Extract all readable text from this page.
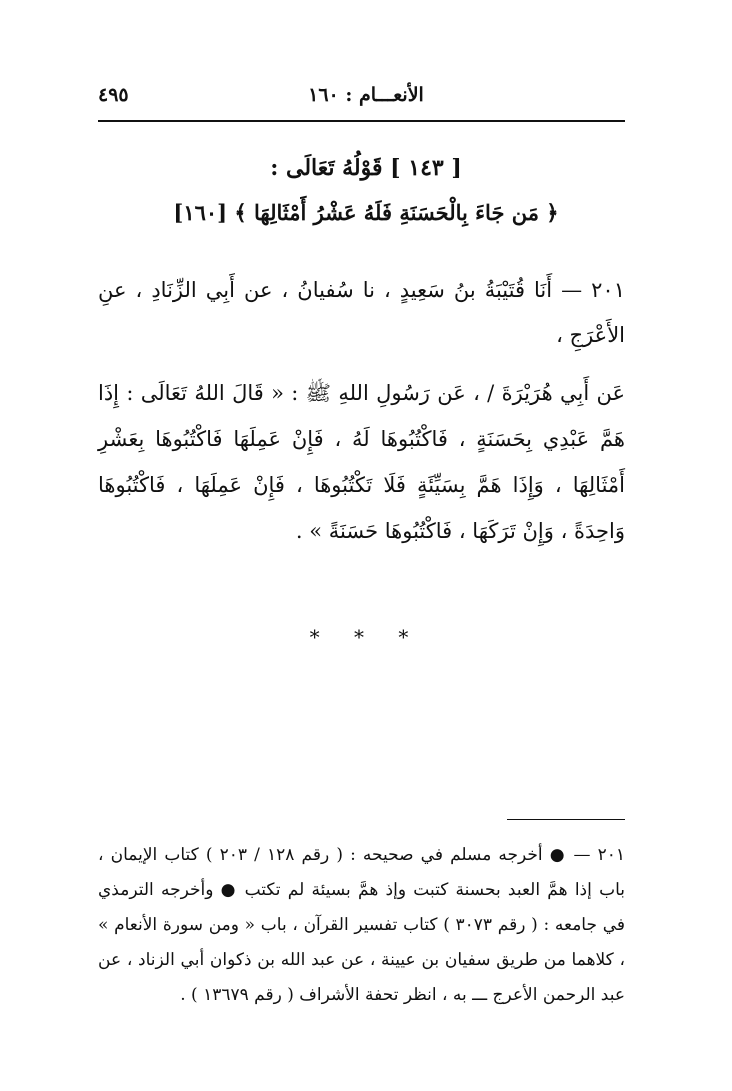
الأنعـــام : ١٦٠
٤٩٥
[ ١٤٣ ] قَوْلُهُ تَعَالَى :
﴿ مَن جَاءَ بِالْحَسَنَةِ فَلَهُ عَشْرُ أَمْثَالِهَا ﴾ [١٦٠]
٢٠١ — أَنَا قُتَيْبَةُ بنُ سَعِيدٍ ، نا سُفيانُ ، عن أَبِي الزِّنَادِ ، عنِ الأَعْرَجِ ،
عَن أَبِي هُرَيْرَةَ / ، عَن رَسُولِ اللهِ ﷺ : « قَالَ اللهُ تَعَالَى : إِذَا هَمَّ عَبْدِي بِحَسَنَةٍ ، فَاكْتُبُوهَا لَهُ ، فَإِنْ عَمِلَهَا فَاكْتُبُوهَا بِعَشْرِ أَمْثَالِهَا ، وَإِذَا هَمَّ بِسَيِّئَةٍ فَلَا تَكْتُبُوهَا ، فَإِنْ عَمِلَهَا ، فَاكْتُبُوهَا وَاحِدَةً ، وَإِنْ تَرَكَهَا ، فَاكْتُبُوهَا حَسَنَةً » .
* * *
٢٠١ — ● أخرجه مسلم في صحيحه : ( رقم ١٢٨ / ٢٠٣ ) كتاب الإيمان ، باب إذا همَّ العبد بحسنة كتبت وإذ همَّ بسيئة لم تكتب ● وأخرجه الترمذي في جامعه : ( رقم ٣٠٧٣ ) كتاب تفسير القرآن ، باب « ومن سورة الأنعام » ، كلاهما من طريق سفيان بن عيينة ، عن عبد الله بن ذكوان أبي الزناد ، عن عبد الرحمن الأعرج ـــ به ، انظر تحفة الأشراف ( رقم ١٣٦٧٩ ) .
